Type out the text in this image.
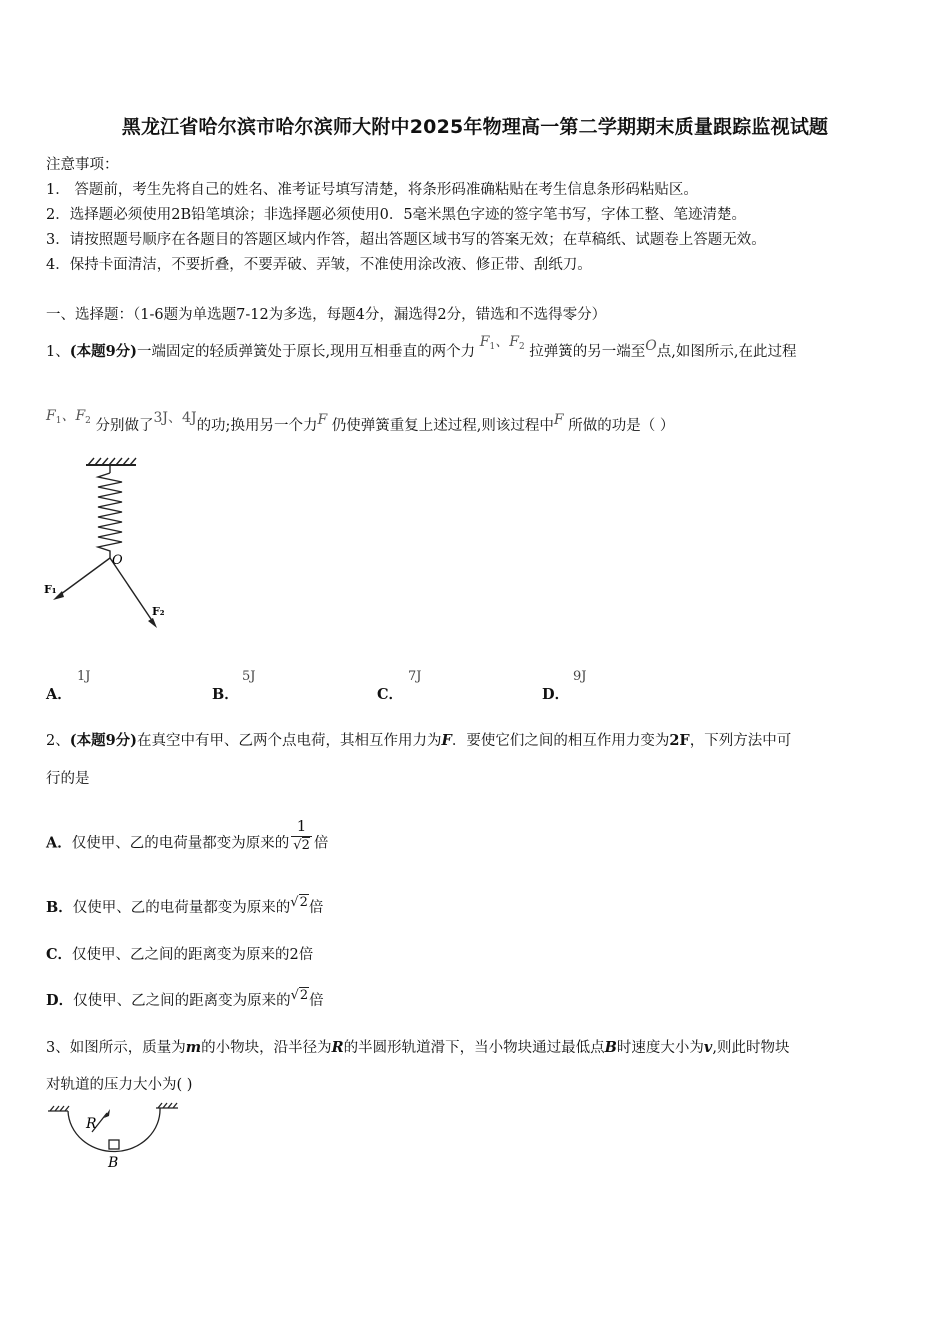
黑龙江省哈尔滨市哈尔滨师大附中2025年物理高一第二学期期末质量跟踪监视试题
注意事项：
1． 答题前，考生先将自己的姓名、准考证号填写清楚，将条形码准确粘贴在考生信息条形码粘贴区。
2．选择题必须使用2B铅笔填涂；非选择题必须使用0．5毫米黑色字迹的签字笔书写，字体工整、笔迹清楚。
3．请按照题号顺序在各题目的答题区域内作答，超出答题区域书写的答案无效；在草稿纸、试题卷上答题无效。
4．保持卡面清洁，不要折叠，不要弄破、弄皱，不准使用涂改液、修正带、刮纸刀。
一、选择题：（1-6题为单选题7-12为多选，每题4分，漏选得2分，错选和不选得零分）
1、(本题9分)一端固定的轻质弹簧处于原长,现用互相垂直的两个力 $F_1$、$F_2$ 拉弹簧的另一端至O点,如图所示,在此过程
$F_1$、$F_2$ 分别做了3J、4J的功;换用另一个力F 仍使弹簧重复上述过程,则该过程中F 所做的功是（ ）
O
F₁
F₂
A．
1J
B．
5J
C．
7J
D．
9J
2、(本题9分)在真空中有甲、乙两个点电荷，其相互作用力为F．要使它们之间的相互作用力变为2F，下列方法中可
行的是
A．仅使甲、乙的电荷量都变为原来的 $\frac{1}{√2}$ 倍
B．仅使甲、乙的电荷量都变为原来的√2倍
C．仅使甲、乙之间的距离变为原来的2倍
D．仅使甲、乙之间的距离变为原来的√2倍
3、如图所示，质量为m的小物块，沿半径为R的半圆形轨道滑下，当小物块通过最低点B时速度大小为v,则此时物块
对轨道的压力大小为( )
R
B
